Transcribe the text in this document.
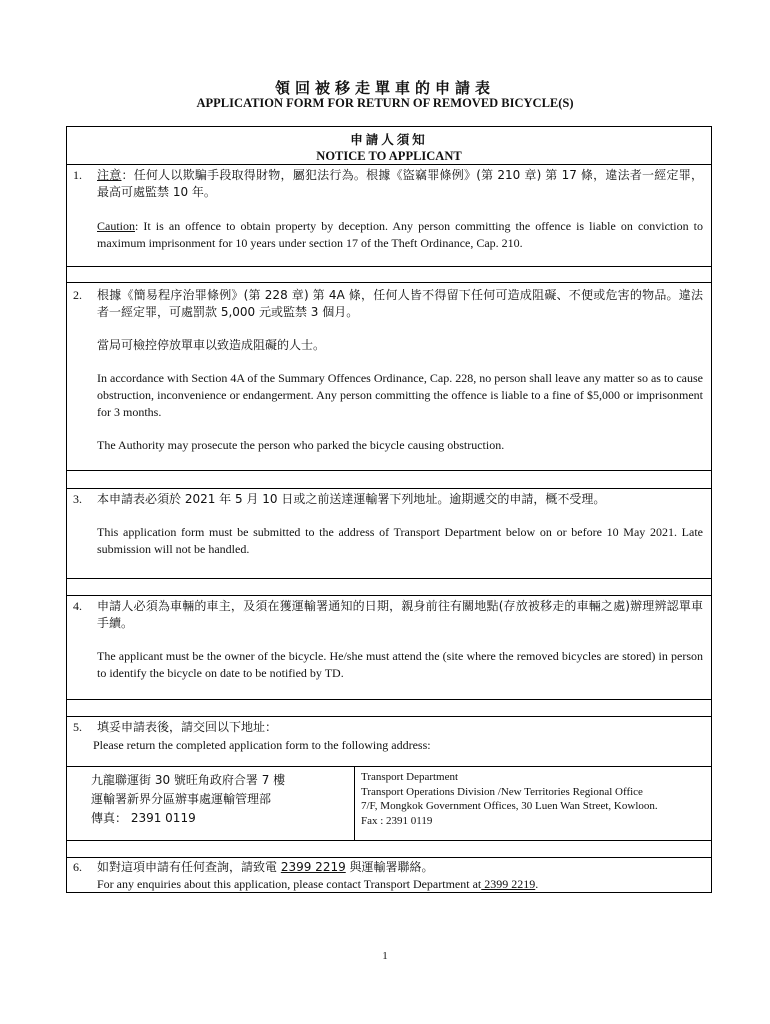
領回被移走單車的申請表
APPLICATION FORM FOR RETURN OF REMOVED BICYCLE(S)
申請人須知
NOTICE TO APPLICANT
1. 注意：任何人以欺騙手段取得財物，屬犯法行為。根據《盜竊罪條例》(第 210 章) 第 17 條，違法者一經定罪，最高可處監禁 10 年。
Caution: It is an offence to obtain property by deception. Any person committing the offence is liable on conviction to maximum imprisonment for 10 years under section 17 of the Theft Ordinance, Cap. 210.
2. 根據《簡易程序治罪條例》(第 228 章) 第 4A 條，任何人皆不得留下任何可造成阻礙、不便或危害的物品。違法者一經定罪，可處罰款 5,000 元或監禁 3 個月。
當局可檢控停放單車以致造成阻礙的人士。
In accordance with Section 4A of the Summary Offences Ordinance, Cap. 228, no person shall leave any matter so as to cause obstruction, inconvenience or endangerment. Any person committing the offence is liable to a fine of $5,000 or imprisonment for 3 months.
The Authority may prosecute the person who parked the bicycle causing obstruction.
3. 本申請表必須於 2021 年 5 月 10 日或之前送達運輸署下列地址。逾期遞交的申請，概不受理。
This application form must be submitted to the address of Transport Department below on or before 10 May 2021. Late submission will not be handled.
4. 申請人必須為車輛的車主，及須在獲運輸署通知的日期，親身前往有關地點(存放被移走的車輛之處)辦理辨認單車手續。
The applicant must be the owner of the bicycle. He/she must attend the (site where the removed bicycles are stored) in person to identify the bicycle on date to be notified by TD.
5. 填妥申請表後，請交回以下地址：
Please return the completed application form to the following address:
九龍聯運街 30 號旺角政府合署 7 樓
運輸署新界分區辦事處運輸管理部
傳真： 2391 0119
Transport Department
Transport Operations Division /New Territories Regional Office
7/F, Mongkok Government Offices, 30 Luen Wan Street, Kowloon.
Fax : 2391 0119
6. 如對這項申請有任何查詢，請致電 2399 2219 與運輸署聯絡。
For any enquiries about this application, please contact Transport Department at 2399 2219.
1
